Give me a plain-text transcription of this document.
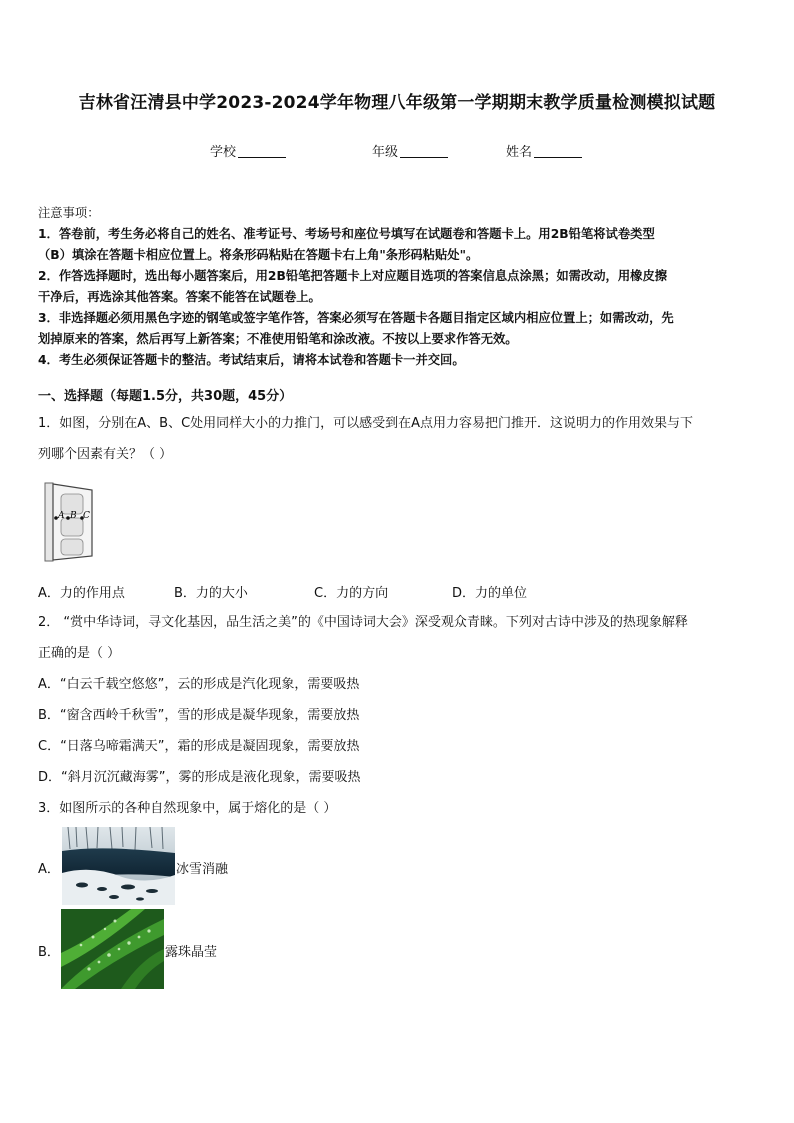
吉林省汪清县中学2023-2024学年物理八年级第一学期期末教学质量检测模拟试题
学校	年级	姓名

注意事项：

1．答卷前，考生务必将自己的姓名、准考证号、考场号和座位号填写在试题卷和答题卡上。用2B铅笔将试卷类型

（B）填涂在答题卡相应位置上。将条形码粘贴在答题卡右上角"条形码粘贴处"。

2．作答选择题时，选出每小题答案后，用2B铅笔把答题卡上对应题目选项的答案信息点涂黑；如需改动，用橡皮擦

干净后，再选涂其他答案。答案不能答在试题卷上。

3．非选择题必须用黑色字迹的钢笔或签字笔作答，答案必须写在答题卡各题目指定区域内相应位置上；如需改动，先

划掉原来的答案，然后再写上新答案；不准使用铅笔和涂改液。不按以上要求作答无效。

4．考生必须保证答题卡的整洁。考试结束后，请将本试卷和答题卡一并交回。

一、选择题（每题1.5分，共30题，45分）
1．如图，分别在A、B、C处用同样大小的力推门，可以感受到在A点用力容易把门推开．这说明力的作用效果与下
列哪个因素有关？（ ）
A B C
A．力的作用点	B．力的大小	C．力的方向	D．力的单位
2． “赏中华诗词，寻文化基因，品生活之美”的《中国诗词大会》深受观众青睐。下列对古诗中涉及的热现象解释
正确的是（ ）
A．“白云千载空悠悠”，云的形成是汽化现象，需要吸热
B．“窗含西岭千秋雪”，雪的形成是凝华现象，需要放热
C．“日落乌啼霜满天”，霜的形成是凝固现象，需要放热
D．“斜月沉沉藏海雾”，雾的形成是液化现象，需要吸热
3．如图所示的各种自然现象中，属于熔化的是（ ）
A．	冰雪消融
B．	露珠晶莹
